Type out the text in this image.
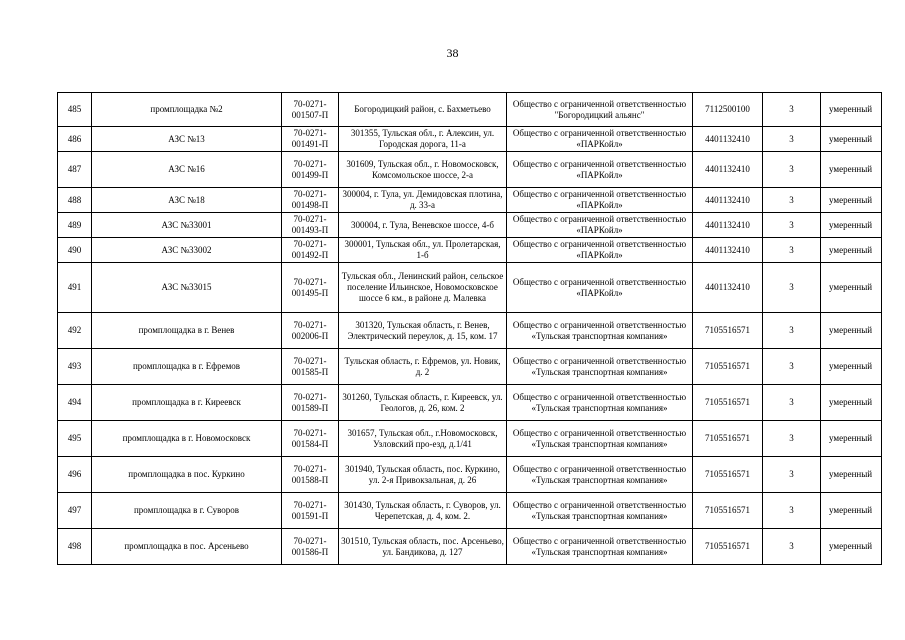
38
485	промплощадка №2	70-0271-001507-П	Богородицкий район, с. Бахметьево	Общество с ограниченной ответственностью "Богородицкий альянс"	7112500100	3	умеренный
486	АЗС №13	70-0271-001491-П	301355, Тульская обл., г. Алексин, ул. Городская дорога, 11-а	Общество с ограниченной ответственностью «ПАРКойл»	4401132410	3	умеренный
487	АЗС №16	70-0271-001499-П	301609, Тульская обл., г. Новомосковск, Комсомольское шоссе, 2-а	Общество с ограниченной ответственностью «ПАРКойл»	4401132410	3	умеренный
488	АЗС №18	70-0271-001498-П	300004, г. Тула, ул. Демидовская плотина, д. 33-а	Общество с ограниченной ответственностью «ПАРКойл»	4401132410	3	умеренный
489	АЗС №33001	70-0271-001493-П	300004, г. Тула, Веневское шоссе, 4-б	Общество с ограниченной ответственностью «ПАРКойл»	4401132410	3	умеренный
490	АЗС №33002	70-0271-001492-П	300001, Тульская обл., ул. Пролетарская, 1-б	Общество с ограниченной ответственностью «ПАРКойл»	4401132410	3	умеренный
491	АЗС №33015	70-0271-001495-П	Тульская обл., Ленинский район, сельское поселение Ильинское, Новомосковское шоссе 6 км., в районе д. Малевка	Общество с ограниченной ответственностью «ПАРКойл»	4401132410	3	умеренный
492	промплощадка в г. Венев	70-0271-002006-П	301320, Тульская область, г. Венев, Электрический переулок, д. 15, ком. 17	Общество с ограниченной ответственностью «Тульская транспортная компания»	7105516571	3	умеренный
493	промплощадка в г. Ефремов	70-0271-001585-П	Тульская область, г. Ефремов, ул. Новик, д. 2	Общество с ограниченной ответственностью «Тульская транспортная компания»	7105516571	3	умеренный
494	промплощадка в г. Киреевск	70-0271-001589-П	301260, Тульская область, г. Киреевск, ул. Геологов, д. 26, ком. 2	Общество с ограниченной ответственностью «Тульская транспортная компания»	7105516571	3	умеренный
495	промплощадка в г. Новомосковск	70-0271-001584-П	301657, Тульская обл., г.Новомосковск, Узловский про-езд, д.1/41	Общество с ограниченной ответственностью «Тульская транспортная компания»	7105516571	3	умеренный
496	промплощадка в пос. Куркино	70-0271-001588-П	301940, Тульская область, пос. Куркино, ул. 2-я Привокзальная, д. 26	Общество с ограниченной ответственностью «Тульская транспортная компания»	7105516571	3	умеренный
497	промплощадка в г. Суворов	70-0271-001591-П	301430, Тульская область, г. Суворов, ул. Черепетская, д. 4, ком. 2.	Общество с ограниченной ответственностью «Тульская транспортная компания»	7105516571	3	умеренный
498	промплощадка в пос. Арсеньево	70-0271-001586-П	301510, Тульская область, пос. Арсеньево, ул. Бандикова, д. 127	Общество с ограниченной ответственностью «Тульская транспортная компания»	7105516571	3	умеренный
